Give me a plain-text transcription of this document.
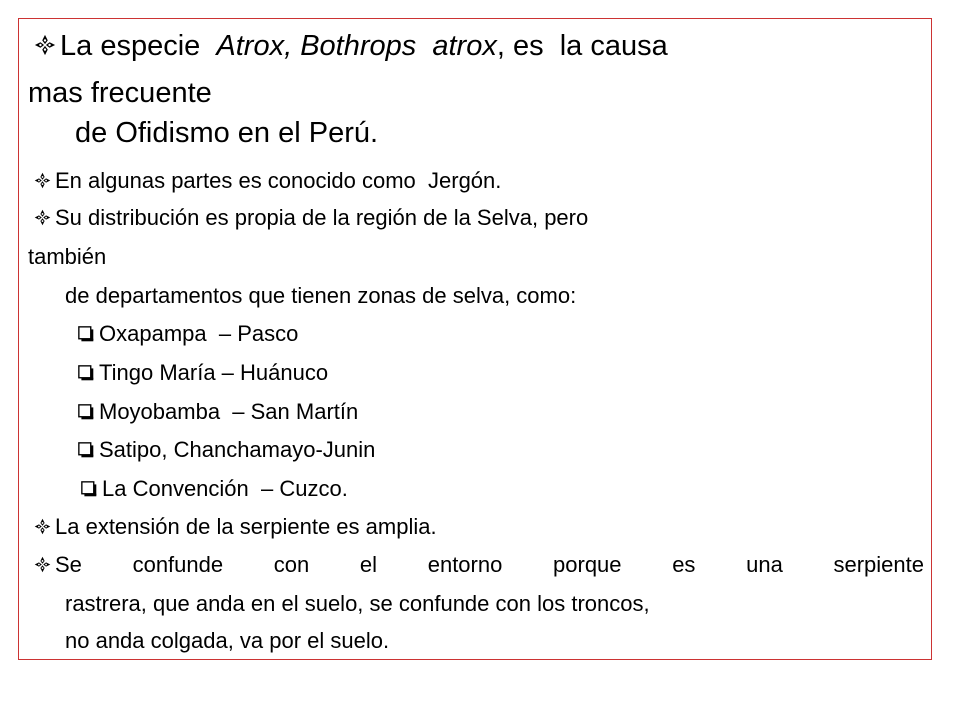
La especie  Atrox, Bothrops  atrox, es  la causa
mas frecuente
de Ofidismo en el Perú.
En algunas partes es conocido como  Jergón.
Su distribución es propia de la región de la Selva, pero
también
de departamentos que tienen zonas de selva, como:
Oxapampa  – Pasco
Tingo María – Huánuco
Moyobamba  – San Martín
Satipo, Chanchamayo-Junin
La Convención  – Cuzco.
La extensión de la serpiente es amplia.
Se confunde con el entorno porque es una serpiente
rastrera, que anda en el suelo, se confunde con los troncos,
no anda colgada, va por el suelo.
